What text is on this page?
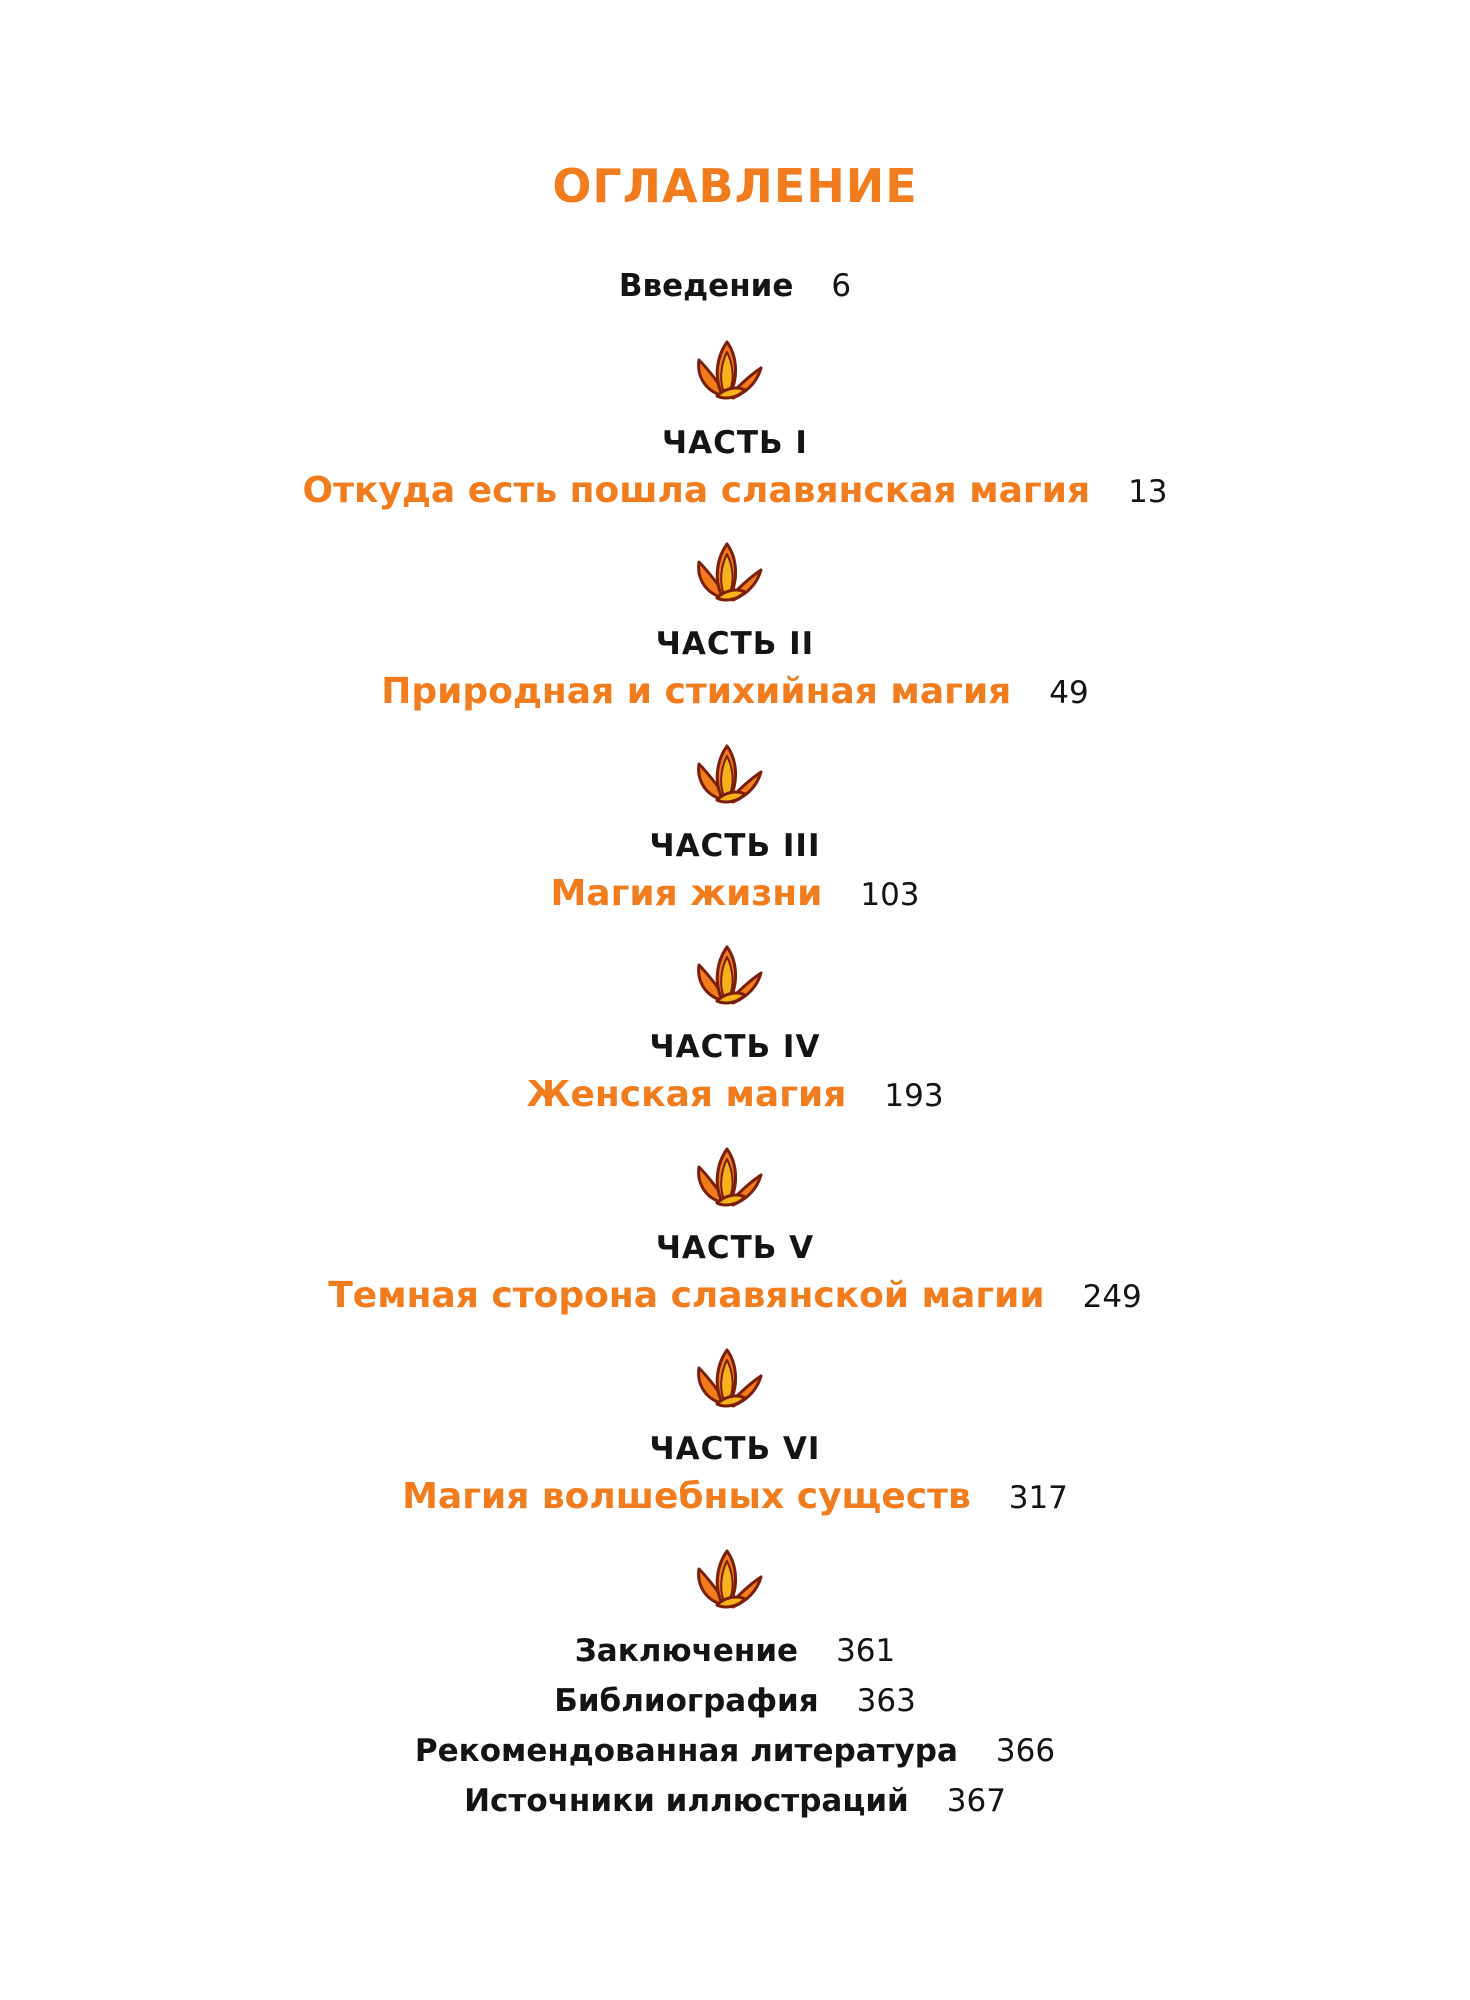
ОГЛАВЛЕНИЕ
Введение 6
ЧАСТЬ I
Откуда есть пошла славянская магия 13
ЧАСТЬ II
Природная и стихийная магия 49
ЧАСТЬ III
Магия жизни 103
ЧАСТЬ IV
Женская магия 193
ЧАСТЬ V
Темная сторона славянской магии 249
ЧАСТЬ VI
Магия волшебных существ 317
Заключение 361
Библиография 363
Рекомендованная литература 366
Источники иллюстраций 367
